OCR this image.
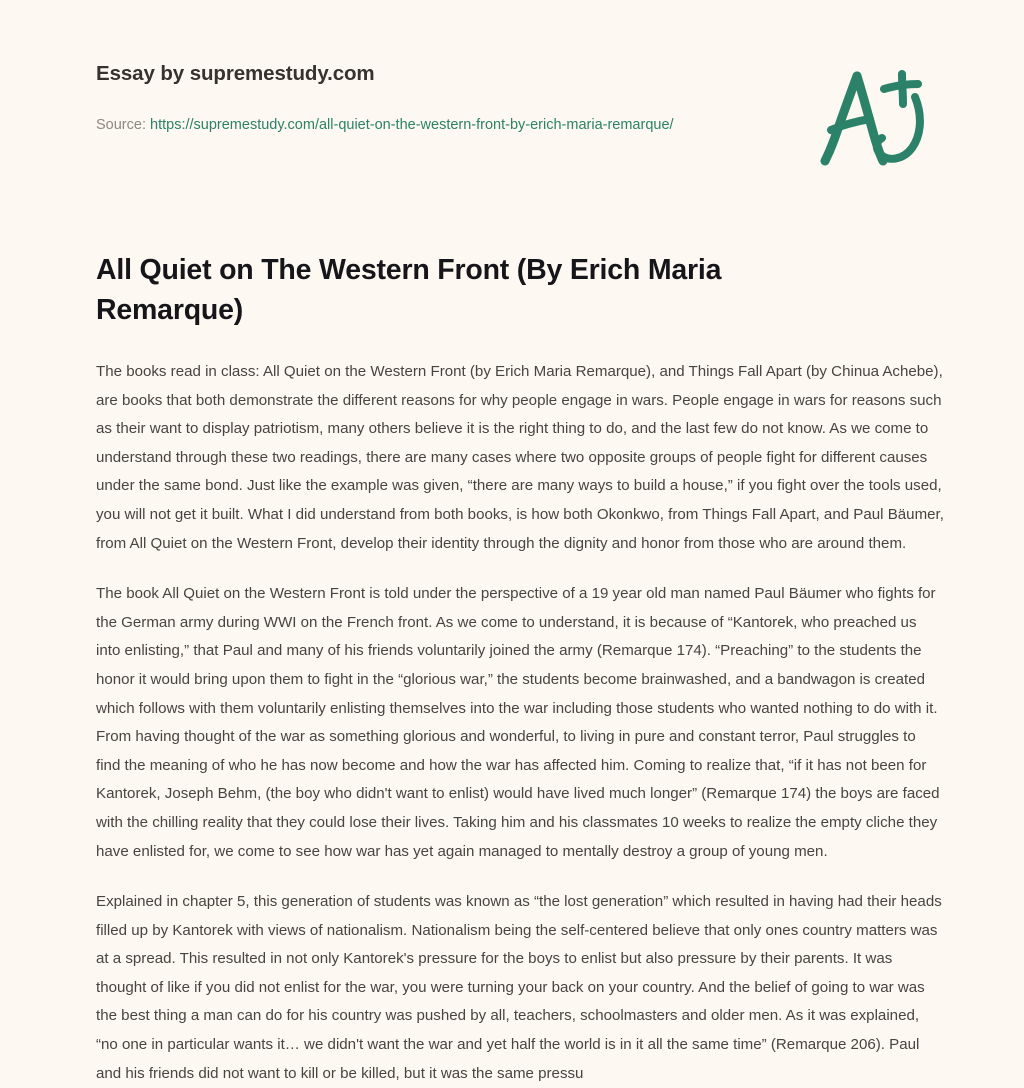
Essay by supremestudy.com
Source: https://supremestudy.com/all-quiet-on-the-western-front-by-erich-maria-remarque/
All Quiet on The Western Front (By Erich Maria Remarque)

The books read in class: All Quiet on the Western Front (by Erich Maria Remarque), and Things Fall Apart (by Chinua Achebe), are books that both demonstrate the different reasons for why people engage in wars. People engage in wars for reasons such as their want to display patriotism, many others believe it is the right thing to do, and the last few do not know. As we come to understand through these two readings, there are many cases where two opposite groups of people fight for different causes under the same bond. Just like the example was given, “there are many ways to build a house,” if you fight over the tools used, you will not get it built. What I did understand from both books, is how both Okonkwo, from Things Fall Apart, and Paul Bäumer, from All Quiet on the Western Front, develop their identity through the dignity and honor from those who are around them.

The book All Quiet on the Western Front is told under the perspective of a 19 year old man named Paul Bäumer who fights for the German army during WWI on the French front. As we come to understand, it is because of “Kantorek, who preached us into enlisting,” that Paul and many of his friends voluntarily joined the army (Remarque 174). “Preaching” to the students the honor it would bring upon them to fight in the “glorious war,” the students become brainwashed, and a bandwagon is created which follows with them voluntarily enlisting themselves into the war including those students who wanted nothing to do with it. From having thought of the war as something glorious and wonderful, to living in pure and constant terror, Paul struggles to find the meaning of who he has now become and how the war has affected him. Coming to realize that, “if it has not been for Kantorek, Joseph Behm, (the boy who didn't want to enlist) would have lived much longer” (Remarque 174) the boys are faced with the chilling reality that they could lose their lives. Taking him and his classmates 10 weeks to realize the empty cliche they have enlisted for, we come to see how war has yet again managed to mentally destroy a group of young men.

Explained in chapter 5, this generation of students was known as “the lost generation” which resulted in having had their heads filled up by Kantorek with views of nationalism. Nationalism being the self-centered believe that only ones country matters was at a spread. This resulted in not only Kantorek's pressure for the boys to enlist but also pressure by their parents. It was thought of like if you did not enlist for the war, you were turning your back on your country. And the belief of going to war was the best thing a man can do for his country was pushed by all, teachers, schoolmasters and older men. As it was explained, “no one in particular wants it… we didn't want the war and yet half the world is in it all the same time” (Remarque 206). Paul and his friends did not want to kill or be killed, but it was the same pressu
